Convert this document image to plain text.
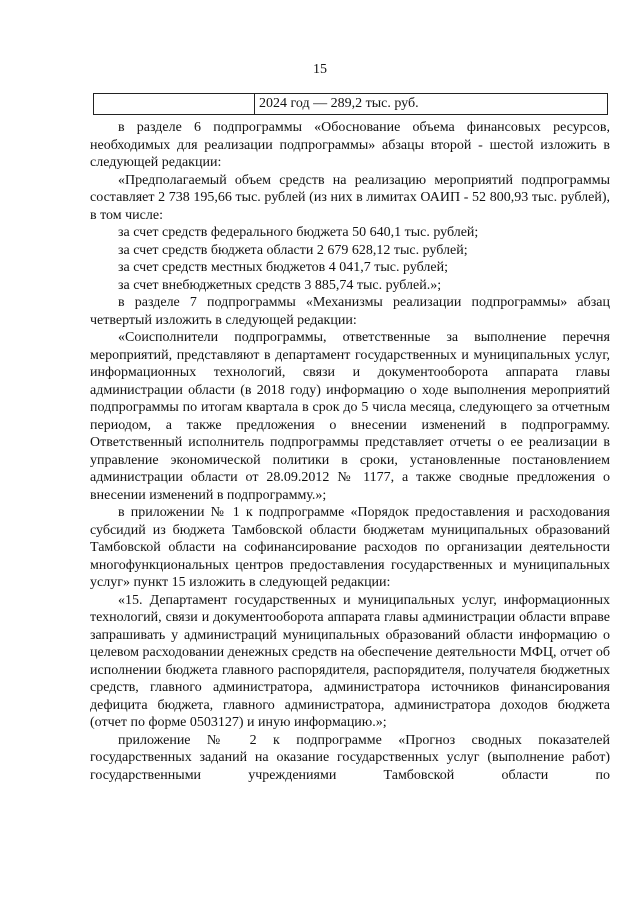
15
	2024 год — 289,2 тыс. руб.

в разделе 6 подпрограммы «Обоснование объема финансовых ресурсов, необходимых для реализации подпрограммы» абзацы второй - шестой изложить в следующей редакции:

«Предполагаемый объем средств на реализацию мероприятий подпрограммы составляет 2 738 195,66 тыс. рублей (из них в лимитах ОАИП - 52 800,93 тыс. рублей), в том числе:

за счет средств федерального бюджета 50 640,1 тыс. рублей;

за счет средств бюджета области 2 679 628,12 тыс. рублей;

за счет средств местных бюджетов 4 041,7 тыс. рублей;

за счет внебюджетных средств 3 885,74 тыс. рублей.»;

в разделе 7 подпрограммы «Механизмы реализации подпрограммы» абзац четвертый изложить в следующей редакции:

«Соисполнители подпрограммы, ответственные за выполнение перечня мероприятий, представляют в департамент государственных и муниципальных услуг, информационных технологий, связи и документооборота аппарата главы администрации области (в 2018 году) информацию о ходе выполнения мероприятий подпрограммы по итогам квартала в срок до 5 числа месяца, следующего за отчетным периодом, а также предложения о внесении изменений в подпрограмму. Ответственный исполнитель подпрограммы представляет отчеты о ее реализации в управление экономической политики в сроки, установленные постановлением администрации области от 28.09.2012 № 1177, а также сводные предложения о внесении изменений в подпрограмму.»;

в приложении № 1 к подпрограмме «Порядок предоставления и расходования субсидий из бюджета Тамбовской области бюджетам муниципальных образований Тамбовской области на софинансирование расходов по организации деятельности многофункциональных центров предоставления государственных и муниципальных услуг» пункт 15 изложить в следующей редакции:

«15. Департамент государственных и муниципальных услуг, информационных технологий, связи и документооборота аппарата главы администрации области вправе запрашивать у администраций муниципальных образований области информацию о целевом расходовании денежных средств на обеспечение деятельности МФЦ, отчет об исполнении бюджета главного распорядителя, распорядителя, получателя бюджетных средств, главного администратора, администратора источников финансирования дефицита бюджета, главного администратора, администратора доходов бюджета (отчет по форме 0503127) и иную информацию.»;

приложение № 2 к подпрограмме «Прогноз сводных показателей государственных заданий на оказание государственных услуг (выполнение работ) государственными учреждениями Тамбовской области по
